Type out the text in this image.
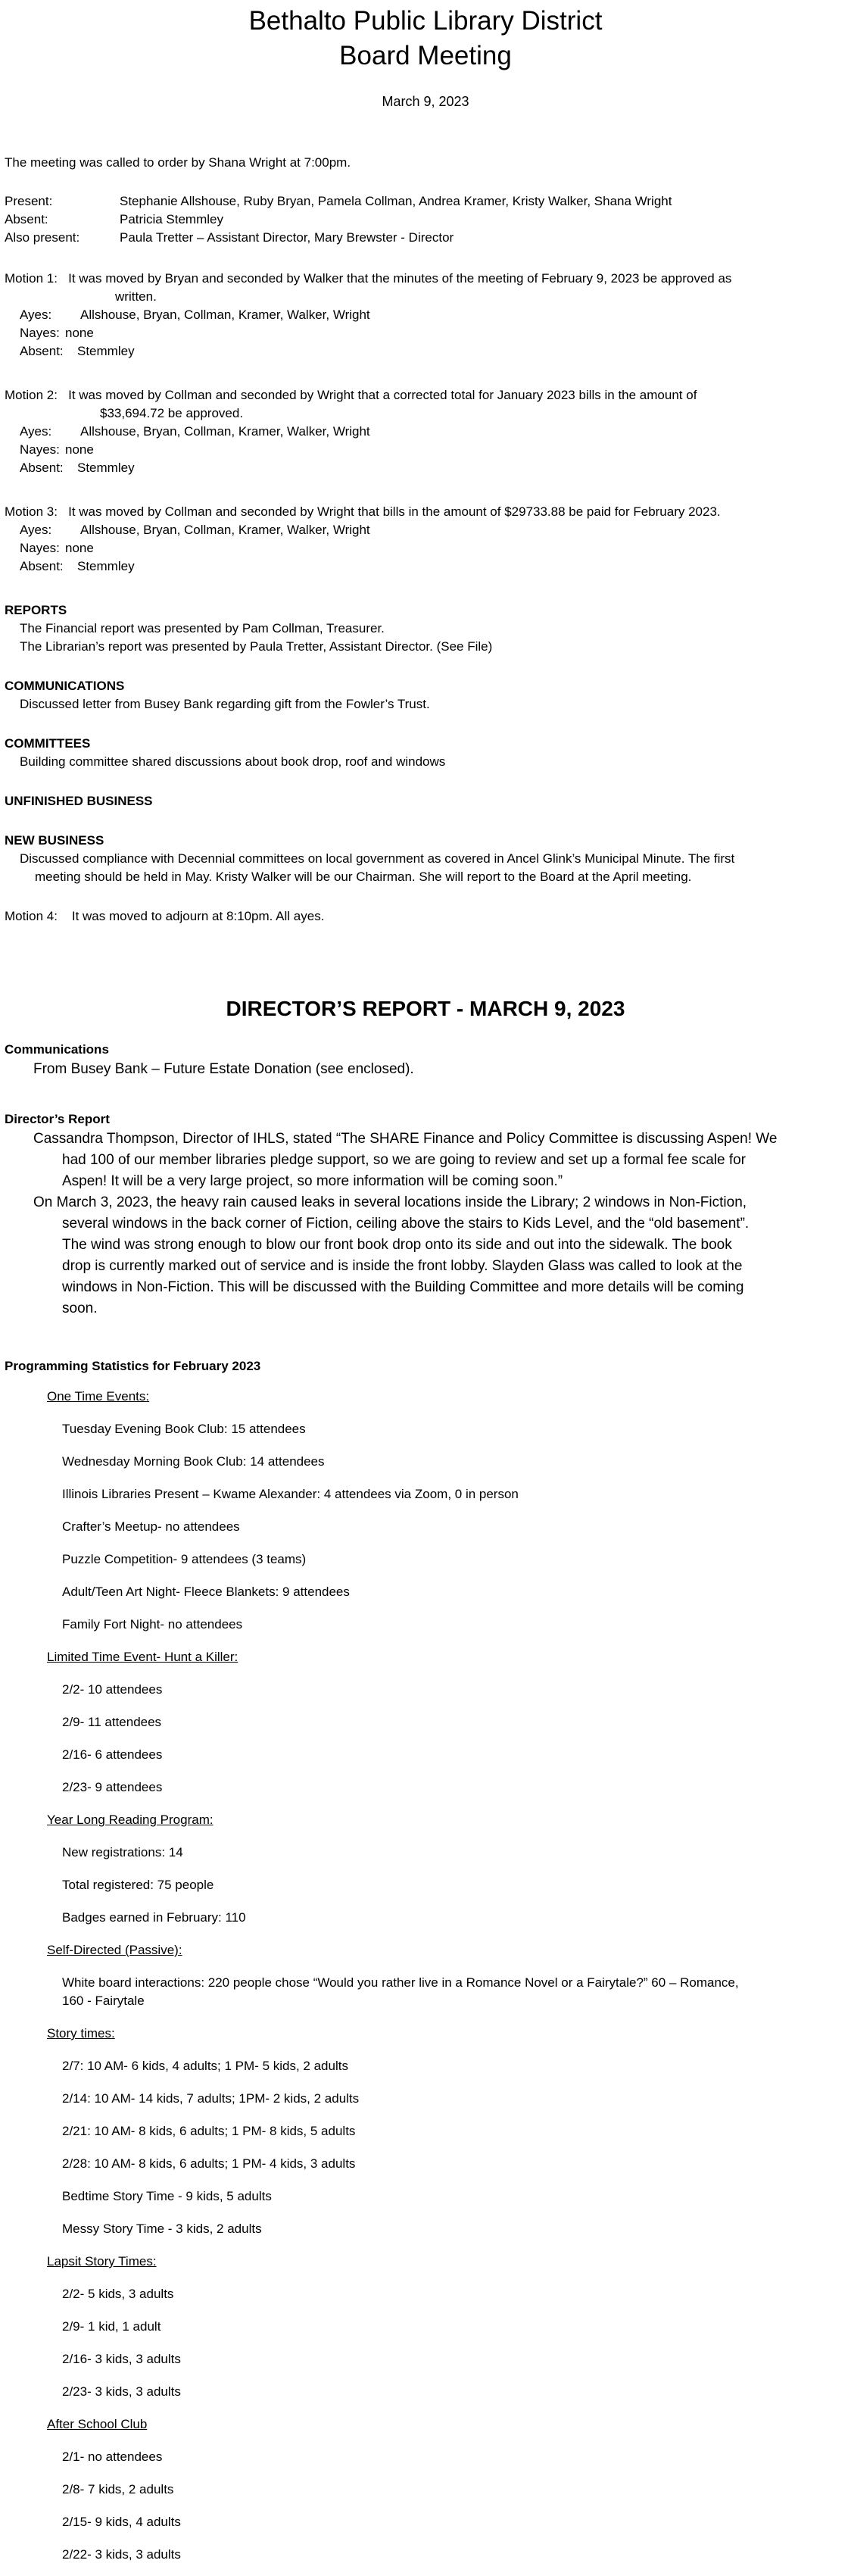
Bethalto Public Library District
Board Meeting
March 9, 2023
The meeting was called to order by Shana Wright at 7:00pm.
Present:	Stephanie Allshouse, Ruby Bryan, Pamela Collman, Andrea Kramer, Kristy Walker, Shana Wright
Absent:	Patricia Stemmley
Also present:	Paula Tretter – Assistant Director, Mary Brewster - Director
Motion 1: It was moved by Bryan and seconded by Walker that the minutes of the meeting of February 9, 2023 be approved as
written.
Ayes: Allshouse, Bryan, Collman, Kramer, Walker, Wright
Nayes: none
Absent: Stemmley
Motion 2: It was moved by Collman and seconded by Wright that a corrected total for January 2023 bills in the amount of
$33,694.72 be approved.
Ayes: Allshouse, Bryan, Collman, Kramer, Walker, Wright
Nayes: none
Absent: Stemmley
Motion 3: It was moved by Collman and seconded by Wright that bills in the amount of $29733.88 be paid for February 2023.
Ayes: Allshouse, Bryan, Collman, Kramer, Walker, Wright
Nayes: none
Absent: Stemmley
REPORTS
The Financial report was presented by Pam Collman, Treasurer.
The Librarian’s report was presented by Paula Tretter, Assistant Director. (See File)
COMMUNICATIONS
Discussed letter from Busey Bank regarding gift from the Fowler’s Trust.
COMMITTEES
Building committee shared discussions about book drop, roof and windows
UNFINISHED BUSINESS
NEW BUSINESS
Discussed compliance with Decennial committees on local government as covered in Ancel Glink’s Municipal Minute. The first
meeting should be held in May. Kristy Walker will be our Chairman. She will report to the Board at the April meeting.
Motion 4: It was moved to adjourn at 8:10pm. All ayes.
DIRECTOR’S REPORT - MARCH 9, 2023
Communications
From Busey Bank – Future Estate Donation (see enclosed).
Director’s Report
Cassandra Thompson, Director of IHLS, stated “The SHARE Finance and Policy Committee is discussing Aspen! We
had 100 of our member libraries pledge support, so we are going to review and set up a formal fee scale for
Aspen! It will be a very large project, so more information will be coming soon.”
On March 3, 2023, the heavy rain caused leaks in several locations inside the Library; 2 windows in Non-Fiction,
several windows in the back corner of Fiction, ceiling above the stairs to Kids Level, and the “old basement”.
The wind was strong enough to blow our front book drop onto its side and out into the sidewalk. The book
drop is currently marked out of service and is inside the front lobby. Slayden Glass was called to look at the
windows in Non-Fiction. This will be discussed with the Building Committee and more details will be coming
soon.
Programming Statistics for February 2023
One Time Events:
Tuesday Evening Book Club: 15 attendees
Wednesday Morning Book Club: 14 attendees
Illinois Libraries Present – Kwame Alexander: 4 attendees via Zoom, 0 in person
Crafter’s Meetup- no attendees
Puzzle Competition- 9 attendees (3 teams)
Adult/Teen Art Night- Fleece Blankets: 9 attendees
Family Fort Night- no attendees
Limited Time Event- Hunt a Killer:
2/2- 10 attendees
2/9- 11 attendees
2/16- 6 attendees
2/23- 9 attendees
Year Long Reading Program:
New registrations: 14
Total registered: 75 people
Badges earned in February: 110
Self-Directed (Passive):
White board interactions: 220 people chose “Would you rather live in a Romance Novel or a Fairytale?” 60 – Romance,
160 - Fairytale
Story times:
2/7: 10 AM- 6 kids, 4 adults; 1 PM- 5 kids, 2 adults
2/14: 10 AM- 14 kids, 7 adults; 1PM- 2 kids, 2 adults
2/21: 10 AM- 8 kids, 6 adults; 1 PM- 8 kids, 5 adults
2/28: 10 AM- 8 kids, 6 adults; 1 PM- 4 kids, 3 adults
Bedtime Story Time - 9 kids, 5 adults
Messy Story Time - 3 kids, 2 adults
Lapsit Story Times:
2/2- 5 kids, 3 adults
2/9- 1 kid, 1 adult
2/16- 3 kids, 3 adults
2/23- 3 kids, 3 adults
After School Club
2/1- no attendees
2/8- 7 kids, 2 adults
2/15- 9 kids, 4 adults
2/22- 3 kids, 3 adults
